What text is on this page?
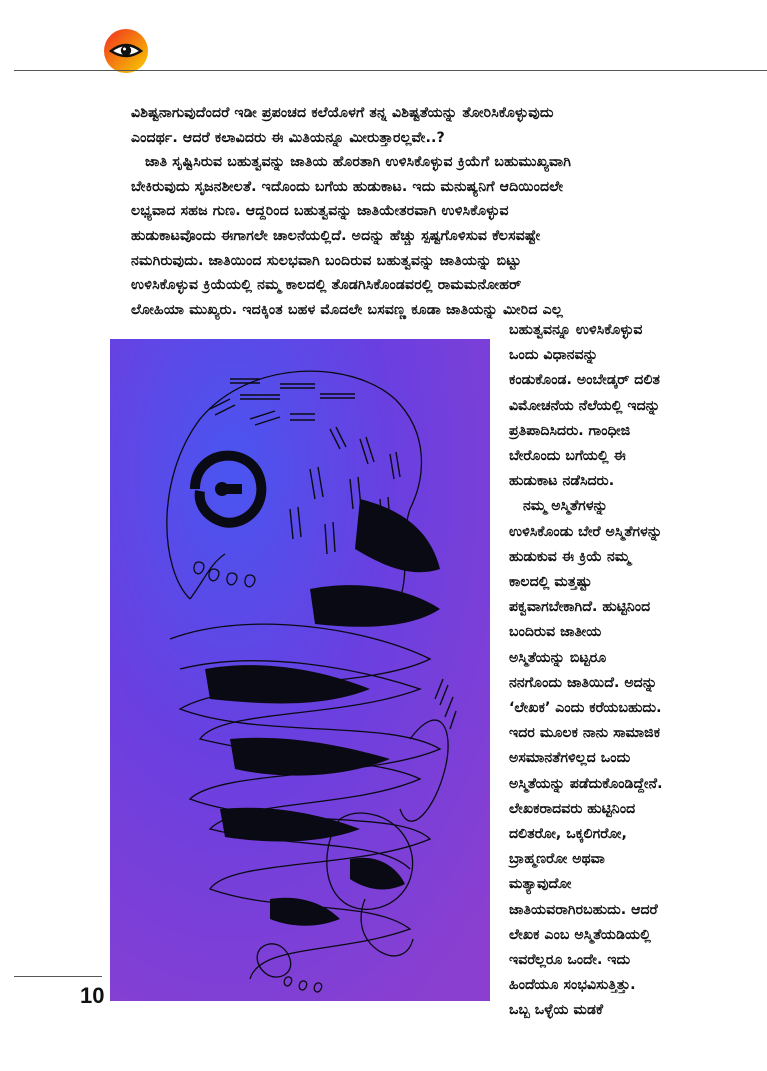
ವಿಶಿಷ್ಟನಾಗುವುದೆಂದರೆ ಇಡೀ ಪ್ರಪಂಚದ ಕಲೆಯೊಳಗೆ ತನ್ನ ವಿಶಿಷ್ಟತೆಯನ್ನು ತೋರಿಸಿಕೊಳ್ಳುವುದು

ಎಂದರ್ಥ. ಆದರೆ ಕಲಾವಿದರು ಈ ಮಿತಿಯನ್ನೂ ಮೀರುತ್ತಾರಲ್ಲವೇ..?

ಜಾತಿ ಸೃಷ್ಟಿಸಿರುವ ಬಹುತ್ವವನ್ನು ಜಾತಿಯ ಹೊರತಾಗಿ ಉಳಿಸಿಕೊಳ್ಳುವ ಕ್ರಿಯೆಗೆ ಬಹುಮುಖ್ಯವಾಗಿ

ಬೇಕಿರುವುದು ಸೃಜನಶೀಲತೆ. ಇದೊಂದು ಬಗೆಯ ಹುಡುಕಾಟ. ಇದು ಮನುಷ್ಯನಿಗೆ ಆದಿಯಿಂದಲೇ

ಲಭ್ಯವಾದ ಸಹಜ ಗುಣ. ಆದ್ದರಿಂದ ಬಹುತ್ವವನ್ನು ಜಾತಿಯೇತರವಾಗಿ ಉಳಿಸಿಕೊಳ್ಳುವ

ಹುಡುಕಾಟವೊಂದು ಈಗಾಗಲೇ ಚಾಲನೆಯಲ್ಲಿದೆ. ಅದನ್ನು ಹೆಚ್ಚು ಸ್ಪಷ್ಟಗೊಳಿಸುವ ಕೆಲಸವಷ್ಟೇ

ನಮಗಿರುವುದು. ಜಾತಿಯಿಂದ ಸುಲಭವಾಗಿ ಬಂದಿರುವ ಬಹುತ್ವವನ್ನು ಜಾತಿಯನ್ನು ಬಿಟ್ಟು

ಉಳಿಸಿಕೊಳ್ಳುವ ಕ್ರಿಯೆಯಲ್ಲಿ ನಮ್ಮ ಕಾಲದಲ್ಲಿ ತೊಡಗಿಸಿಕೊಂಡವರಲ್ಲಿ ರಾಮಮನೋಹರ್

ಲೋಹಿಯಾ ಮುಖ್ಯರು. ಇದಕ್ಕಿಂತ ಬಹಳ ಮೊದಲೇ ಬಸವಣ್ಣ ಕೂಡಾ ಜಾತಿಯನ್ನು ಮೀರಿದ ಎಲ್ಲ

ಬಹುತ್ವವನ್ನೂ ಉಳಿಸಿಕೊಳ್ಳುವ

ಒಂದು ವಿಧಾನವನ್ನು

ಕಂಡುಕೊಂಡ. ಅಂಬೇಡ್ಕರ್ ದಲಿತ

ವಿಮೋಚನೆಯ ನೆಲೆಯಲ್ಲಿ ಇದನ್ನು

ಪ್ರತಿಪಾದಿಸಿದರು. ಗಾಂಧೀಜಿ

ಬೇರೊಂದು ಬಗೆಯಲ್ಲಿ ಈ

ಹುಡುಕಾಟ ನಡೆಸಿದರು.

ನಮ್ಮ ಅಸ್ಮಿತೆಗಳನ್ನು

ಉಳಿಸಿಕೊಂಡು ಬೇರೆ ಅಸ್ಮಿತೆಗಳನ್ನು

ಹುಡುಕುವ ಈ ಕ್ರಿಯೆ ನಮ್ಮ

ಕಾಲದಲ್ಲಿ ಮತ್ತಷ್ಟು

ಪಕ್ವವಾಗಬೇಕಾಗಿದೆ. ಹುಟ್ಟಿನಿಂದ

ಬಂದಿರುವ ಜಾತೀಯ

ಅಸ್ಮಿತೆಯನ್ನು ಬಿಟ್ಟರೂ

ನನಗೊಂದು ಜಾತಿಯಿದೆ. ಅದನ್ನು

‘ಲೇಖಕ’ ಎಂದು ಕರೆಯಬಹುದು.

ಇದರ ಮೂಲಕ ನಾನು ಸಾಮಾಜಿಕ

ಅಸಮಾನತೆಗಳಿಲ್ಲದ ಒಂದು

ಅಸ್ಮಿತೆಯನ್ನು ಪಡೆದುಕೊಂಡಿದ್ದೇನೆ.

ಲೇಖಕರಾದವರು ಹುಟ್ಟಿನಿಂದ

ದಲಿತರೋ, ಒಕ್ಕಲಿಗರೋ,

ಬ್ರಾಹ್ಮಣರೋ ಅಥವಾ

ಮತ್ಯಾವುದೋ

ಜಾತಿಯವರಾಗಿರಬಹುದು. ಆದರೆ

ಲೇಖಕ ಎಂಬ ಅಸ್ಮಿತೆಯಡಿಯಲ್ಲಿ

ಇವರೆಲ್ಲರೂ ಒಂದೇ. ಇದು

ಹಿಂದೆಯೂ ಸಂಭವಿಸುತ್ತಿತ್ತು.

ಒಬ್ಬ ಒಳ್ಳೆಯ ಮಡಕೆ

10
